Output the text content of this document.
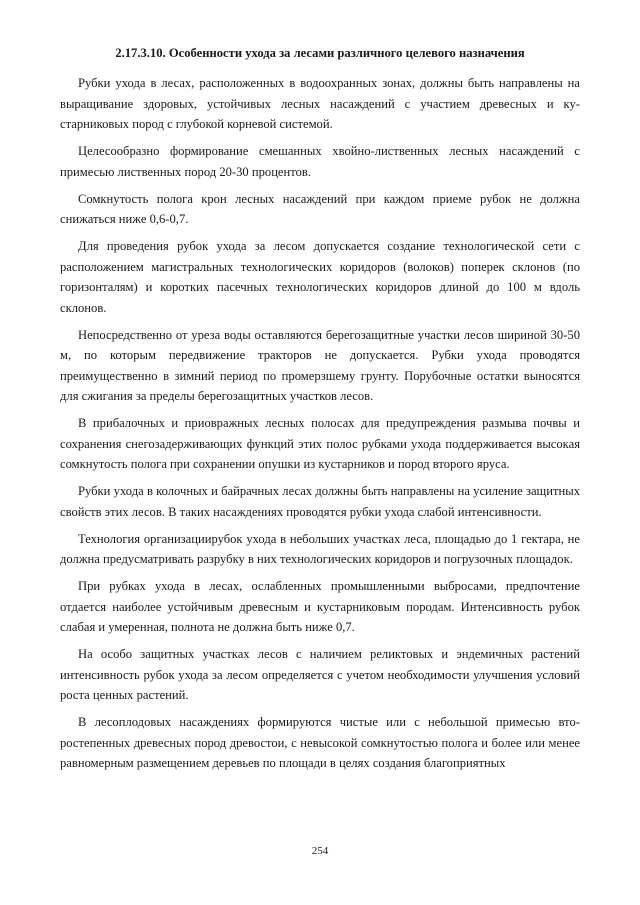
2.17.3.10. Особенности ухода за лесами различного целевого назначения

Рубки ухода в лесах, расположенных в водоохранных зонах, должны быть направлены на выращивание здоровых, устойчивых лесных насаждений с участием древесных и кустарниковых пород с глубокой корневой системой.

Целесообразно формирование смешанных хвойно-лиственных лесных насаждений с примесью лиственных пород 20-30 процентов.

Сомкнутость полога крон лесных насаждений при каждом приеме рубок не должна снижаться ниже 0,6-0,7.

Для проведения рубок ухода за лесом допускается создание технологической сети с расположением магистральных технологических коридоров (волоков) поперек склонов (по горизонталям) и коротких пасечных технологических коридоров длиной до 100 м вдоль склонов.

Непосредственно от уреза воды оставляются берегозащитные участки лесов шириной 30-50 м, по которым передвижение тракторов не допускается. Рубки ухода проводятся преимущественно в зимний период по промерзшему грунту. Порубочные остатки выносятся для сжигания за пределы берегозащитных участков лесов.

В прибалочных и приовражных лесных полосах для предупреждения размыва почвы и сохранения снегозадерживающих функций этих полос рубками ухода поддерживается высокая сомкнутость полога при сохранении опушки из кустарников и пород второго яруса.

Рубки ухода в колочных и байрачных лесах должны быть направлены на усиление защитных свойств этих лесов. В таких насаждениях проводятся рубки ухода слабой интенсивности.

Технология организациирубок ухода в небольших участках леса, площадью до 1 гектара, не должна предусматривать разрубку в них технологических коридоров и погрузочных площадок.

При рубках ухода в лесах, ослабленных промышленными выбросами, предпочтение отдается наиболее устойчивым древесным и кустарниковым породам. Интенсивность рубок слабая и умеренная, полнота не должна быть ниже 0,7.

На особо защитных участках лесов с наличием реликтовых и эндемичных растений интенсивность рубок ухода за лесом определяется с учетом необходимости улучшения условий роста ценных растений.

В лесоплодовых насаждениях формируются чистые или с небольшой примесью второстепенных древесных пород древостои, с невысокой сомкнутостью полога и более или менее равномерным размещением деревьев по площади в целях создания благоприятных

254
